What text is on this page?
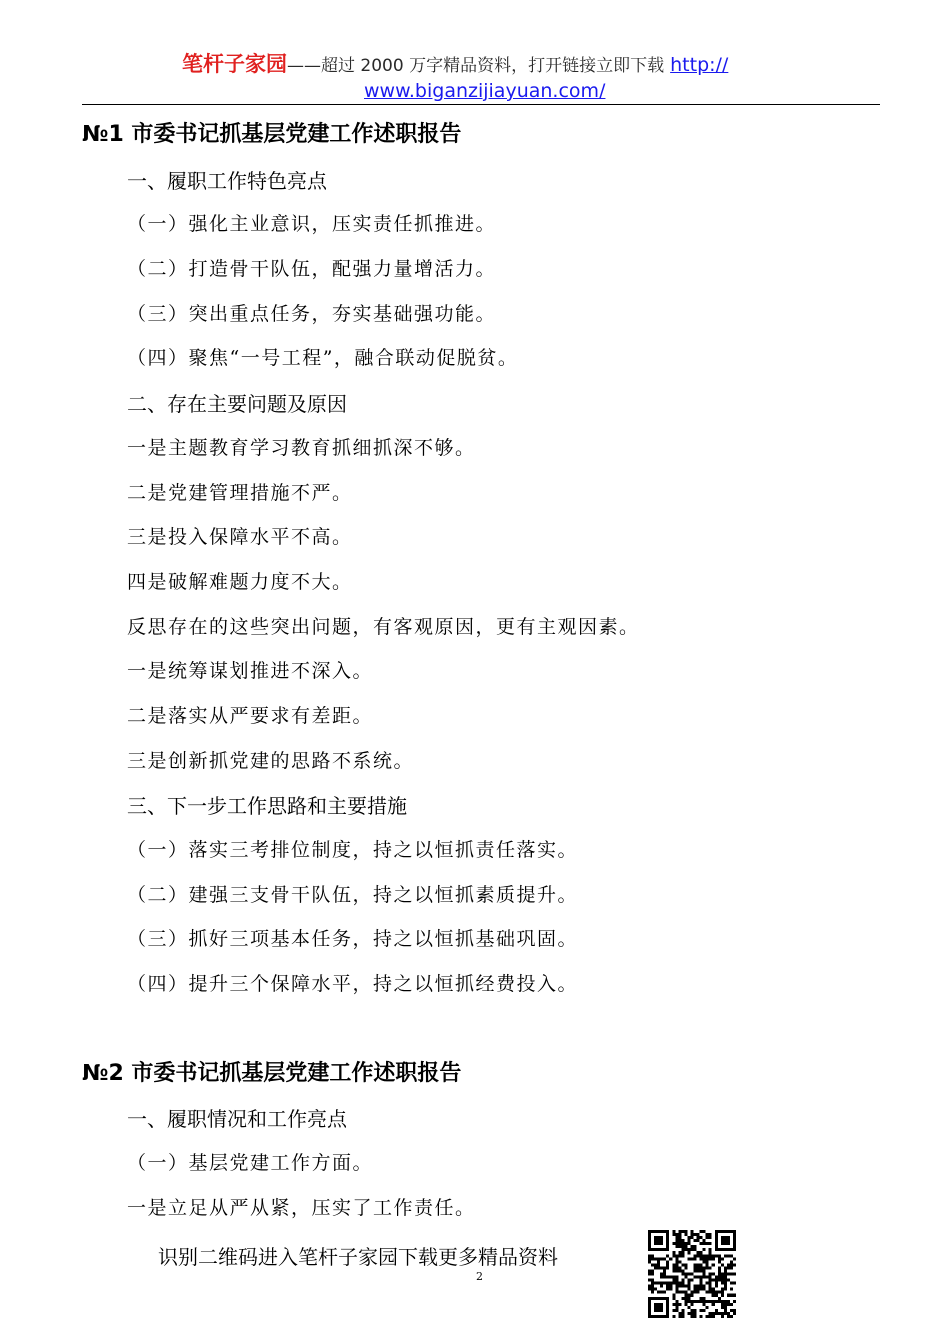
笔杆子家园——超过 2000 万字精品资料，打开链接立即下载 http://
www.biganzijiayuan.com/
№1 市委书记抓基层党建工作述职报告
一、履职工作特色亮点
（一）强化主业意识，压实责任抓推进。
（二）打造骨干队伍，配强力量增活力。
（三）突出重点任务，夯实基础强功能。
（四）聚焦“一号工程”，融合联动促脱贫。
二、存在主要问题及原因
一是主题教育学习教育抓细抓深不够。
二是党建管理措施不严。
三是投入保障水平不高。
四是破解难题力度不大。
反思存在的这些突出问题，有客观原因，更有主观因素。
一是统筹谋划推进不深入。
二是落实从严要求有差距。
三是创新抓党建的思路不系统。
三、下一步工作思路和主要措施
（一）落实三考排位制度，持之以恒抓责任落实。
（二）建强三支骨干队伍，持之以恒抓素质提升。
（三）抓好三项基本任务，持之以恒抓基础巩固。
（四）提升三个保障水平，持之以恒抓经费投入。
№2 市委书记抓基层党建工作述职报告
一、履职情况和工作亮点
（一）基层党建工作方面。
一是立足从严从紧，压实了工作责任。
识别二维码进入笔杆子家园下载更多精品资料
2
